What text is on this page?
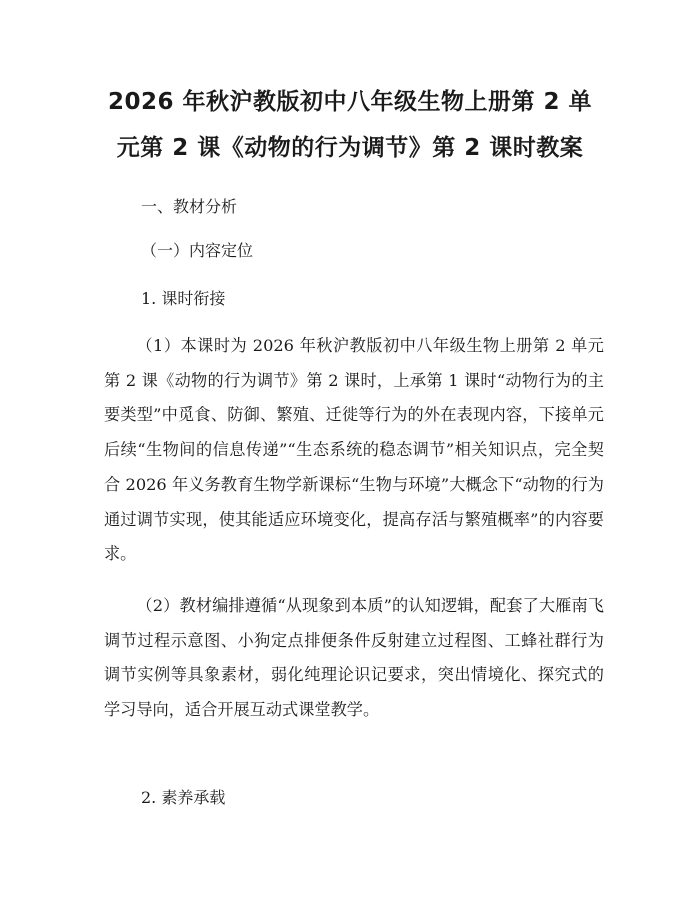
2026 年秋沪教版初中八年级生物上册第 2 单
元第 2 课《动物的行为调节》第 2 课时教案

一、教材分析

（一）内容定位

1. 课时衔接

（1）本课时为 2026 年秋沪教版初中八年级生物上册第 2 单元第 2 课《动物的行为调节》第 2 课时，上承第 1 课时“动物行为的主要类型”中觅食、防御、繁殖、迁徙等行为的外在表现内容，下接单元后续“生物间的信息传递”“生态系统的稳态调节”相关知识点，完全契合 2026 年义务教育生物学新课标“生物与环境”大概念下“动物的行为通过调节实现，使其能适应环境变化，提高存活与繁殖概率”的内容要求。

（2）教材编排遵循“从现象到本质”的认知逻辑，配套了大雁南飞调节过程示意图、小狗定点排便条件反射建立过程图、工蜂社群行为调节实例等具象素材，弱化纯理论识记要求，突出情境化、探究式的学习导向，适合开展互动式课堂教学。

2. 素养承载
